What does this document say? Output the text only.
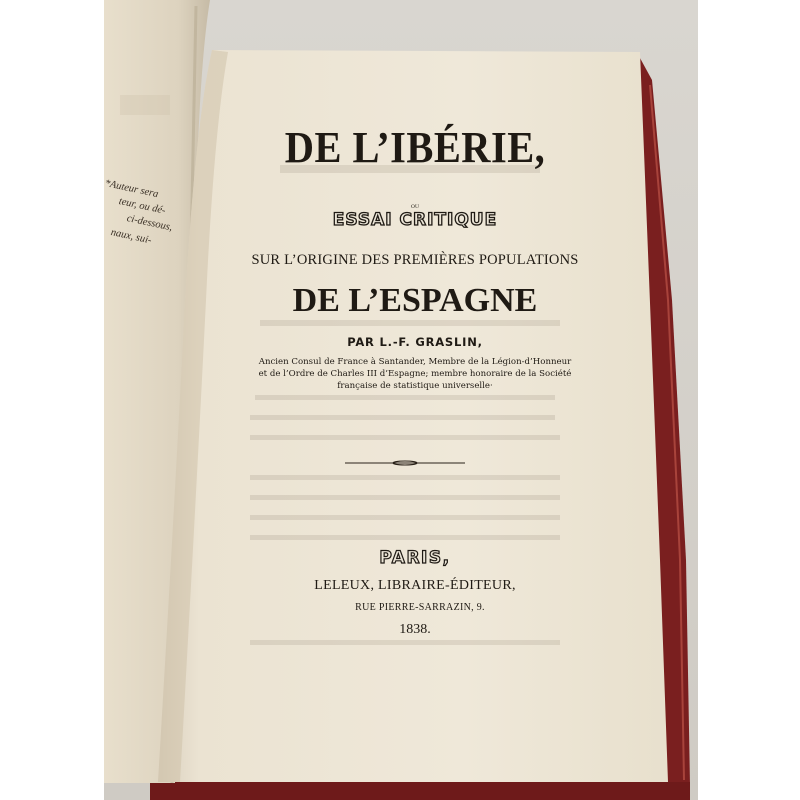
DE L’IBÉRIE,
ou
ESSAI CRITIQUE
SUR L’ORIGINE DES PREMIÈRES POPULATIONS
DE L’ESPAGNE
PAR L.-F. GRASLIN,
Ancien Consul de France à Santander, Membre de la Légion-d’Honneur et de l’Ordre de Charles III d’Espagne; membre honoraire de la Société française de statistique universelle·
PARIS,
LELEUX, LIBRAIRE-ÉDITEUR,
RUE PIERRE-SARRAZIN, 9.
1838.
*Auteur sera
teur, ou dé-
ci-dessous,
naux, sui-
